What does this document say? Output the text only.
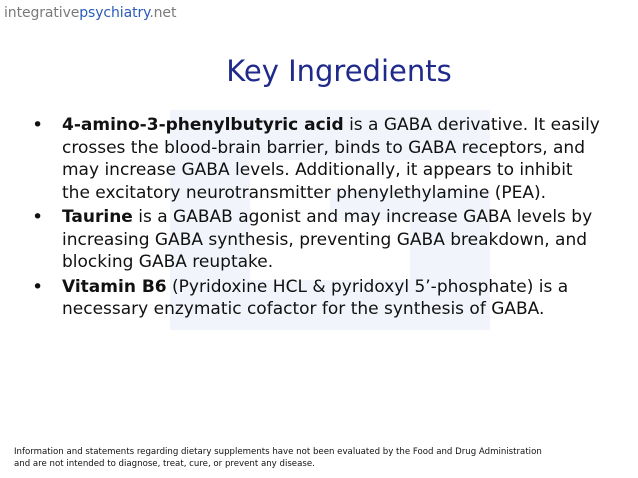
integrativepsychiatry.net
Key Ingredients
• 4-amino-3-phenylbutyric acid is a GABA derivative. It easily crosses the blood-brain barrier, binds to GABA receptors, and may increase GABA levels. Additionally, it appears to inhibit the excitatory neurotransmitter phenylethylamine (PEA).
• Taurine is a GABAB agonist and may increase GABA levels by increasing GABA synthesis, preventing GABA breakdown, and blocking GABA reuptake.
• Vitamin B6 (Pyridoxine HCL & pyridoxyl 5’-phosphate) is a necessary enzymatic cofactor for the synthesis of GABA.
Information and statements regarding dietary supplements have not been evaluated by the Food and Drug Administration
and are not intended to diagnose, treat, cure, or prevent any disease.
